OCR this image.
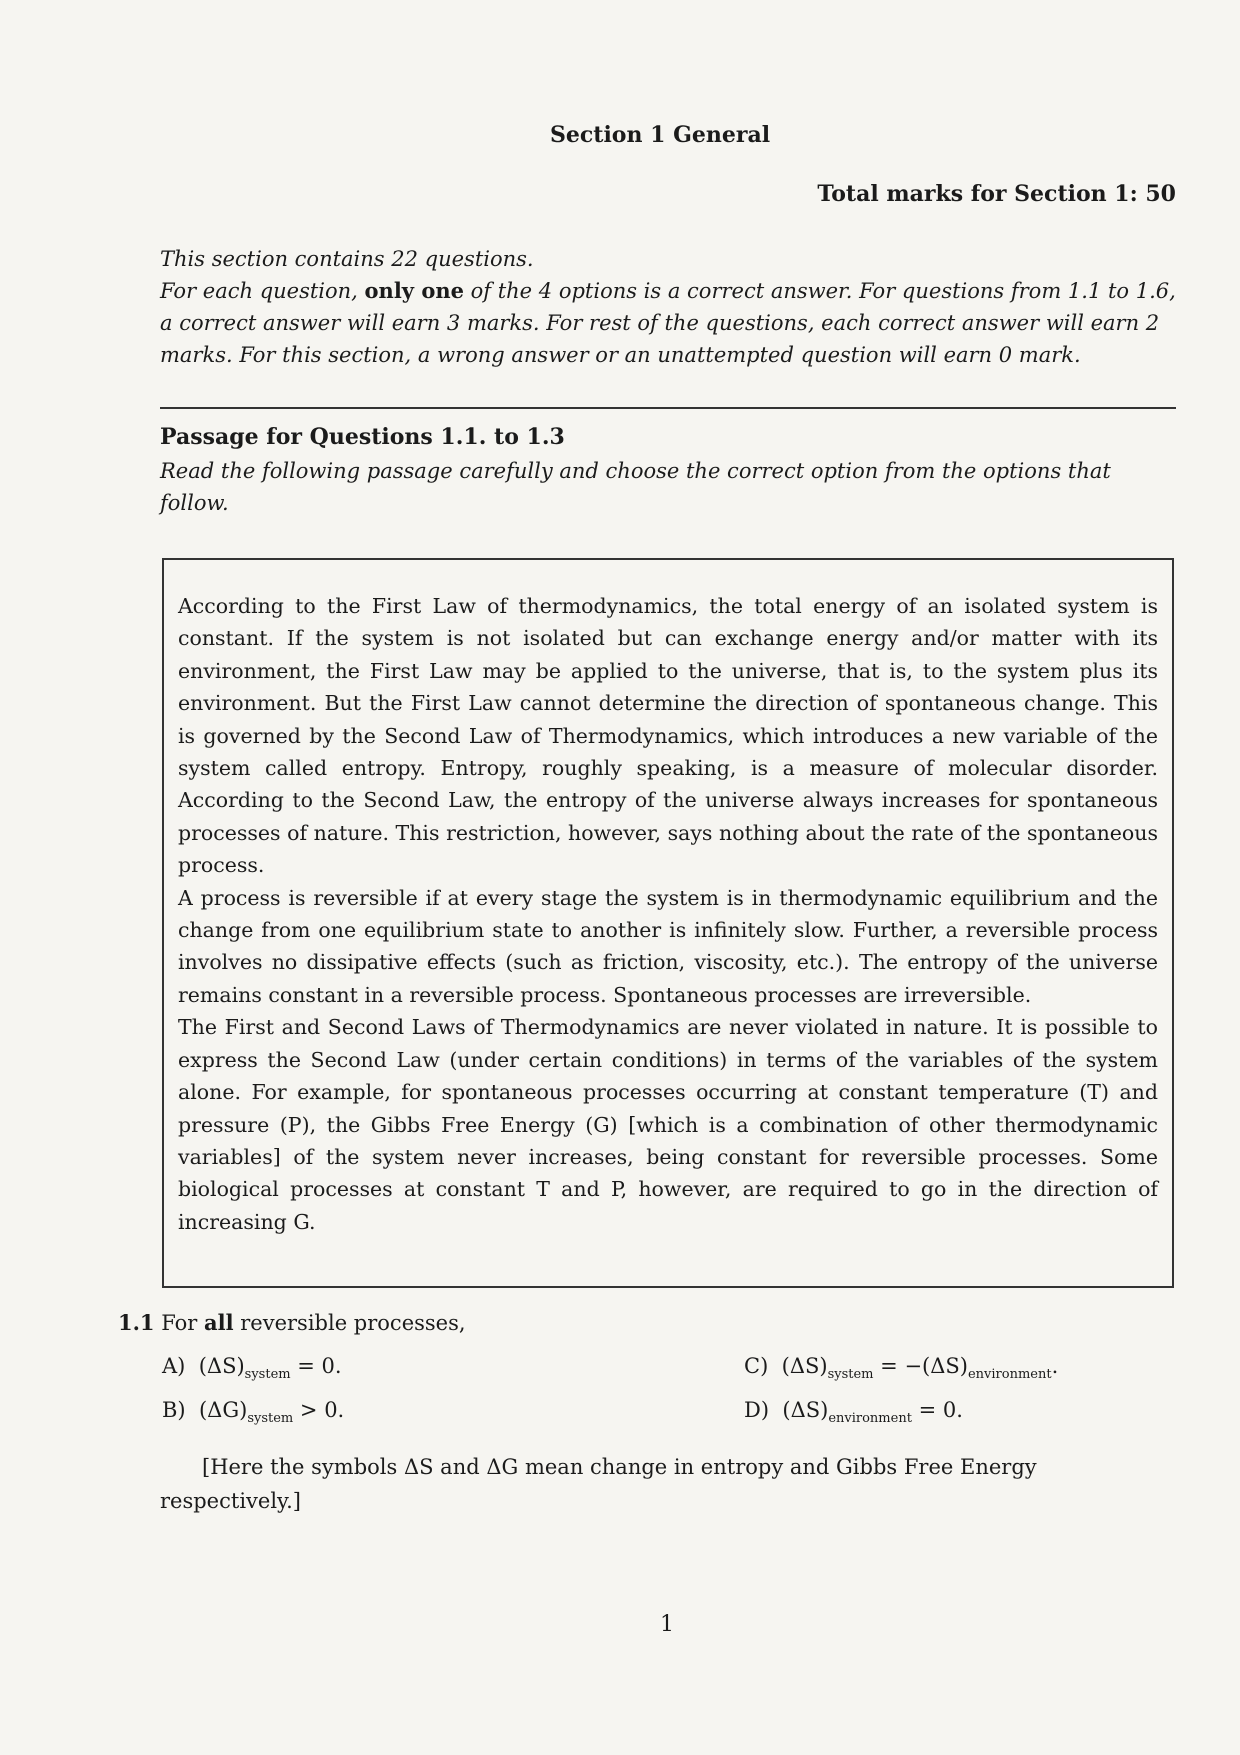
Section 1 General
Total marks for Section 1: 50

This section contains 22 questions.

For each question, only one of the 4 options is a correct answer. For questions from 1.1 to 1.6, a correct answer will earn 3 marks. For rest of the questions, each correct answer will earn 2 marks. For this section, a wrong answer or an unattempted question will earn 0 mark.

Passage for Questions 1.1. to 1.3
Read the following passage carefully and choose the correct option from the options that follow.

According to the First Law of thermodynamics, the total energy of an isolated system is constant. If the system is not isolated but can exchange energy and/or matter with its environment, the First Law may be applied to the universe, that is, to the system plus its environment. But the First Law cannot determine the direction of spontaneous change. This is governed by the Second Law of Thermodynamics, which introduces a new variable of the system called entropy. Entropy, roughly speaking, is a measure of molecular disorder. According to the Second Law, the entropy of the universe always increases for spontaneous processes of nature. This restriction, however, says nothing about the rate of the spontaneous process.

A process is reversible if at every stage the system is in thermodynamic equilibrium and the change from one equilibrium state to another is infinitely slow. Further, a reversible process involves no dissipative effects (such as friction, viscosity, etc.). The entropy of the universe remains constant in a reversible process. Spontaneous processes are irreversible.

The First and Second Laws of Thermodynamics are never violated in nature. It is possible to express the Second Law (under certain conditions) in terms of the variables of the system alone. For example, for spontaneous processes occurring at constant temperature (T) and pressure (P), the Gibbs Free Energy (G) [which is a combination of other thermodynamic variables] of the system never increases, being constant for reversible processes. Some biological processes at constant T and P, however, are required to go in the direction of increasing G.

1.1 For all reversible processes,
A) $(\Delta S)_{system} = 0$.
B) $(\Delta G)_{system} > 0$.
C) $(\Delta S)_{system} = -(\Delta S)_{environment}$.
D) $(\Delta S)_{environment} = 0$.
[Here the symbols ΔS and ΔG mean change in entropy and Gibbs Free Energy respectively.]
1
